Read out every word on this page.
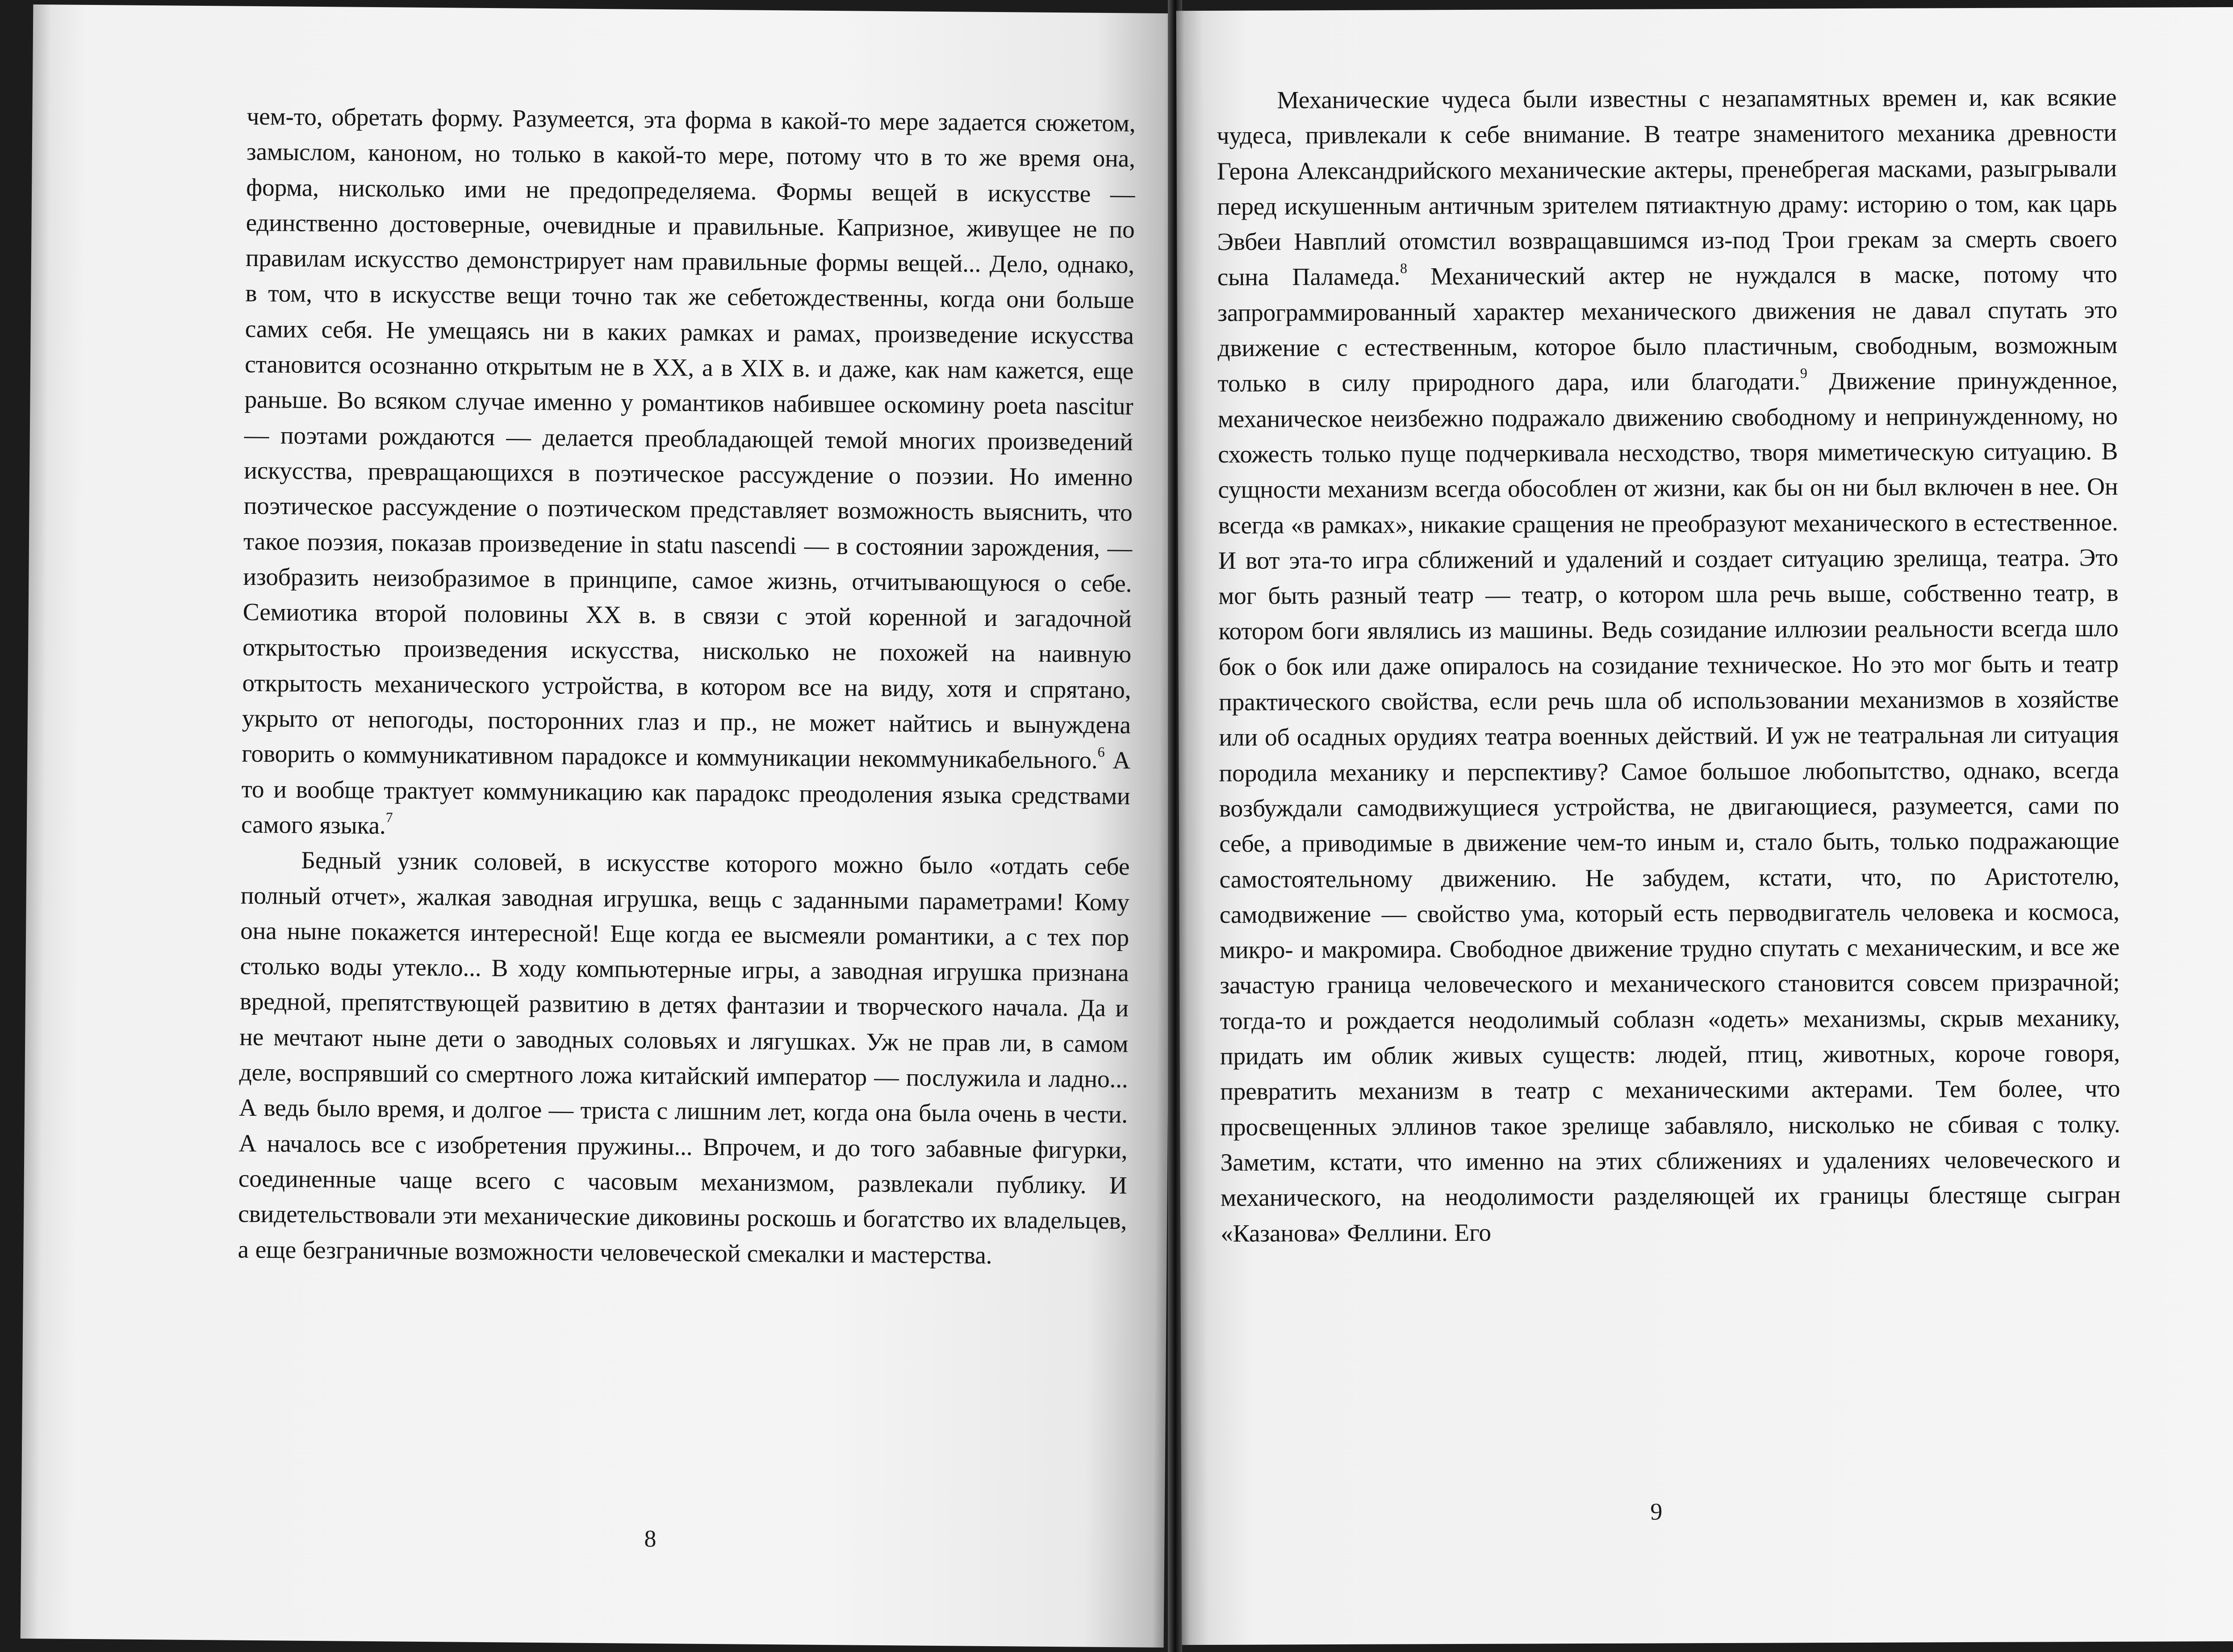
чем-то, обретать форму. Разумеется, эта форма в какой-то мере задается сюжетом, замыслом, каноном, но только в какой-то мере, потому что в то же время она, форма, нисколько ими не предопределяема. Формы вещей в искусстве — единственно достоверные, очевидные и правильные. Капризное, живущее не по правилам искусство демонстрирует нам правильные формы вещей... Дело, однако, в том, что в искусстве вещи точно так же себетождественны, когда они больше самих себя. Не умещаясь ни в каких рамках и рамах, произведение искусства становится осознанно открытым не в XX, а в XIX в. и даже, как нам кажется, еще раньше. Во всяком случае именно у романтиков набившее оскомину poeta nascitur — поэтами рождаются — делается преобладающей темой многих произведений искусства, превращающихся в поэтическое рассуждение о поэзии. Но именно поэтическое рассуждение о поэтическом представляет возможность выяснить, что такое поэзия, показав произведение in statu nascendi — в состоянии зарождения, — изобразить неизобразимое в принципе, самое жизнь, отчитывающуюся о себе. Семиотика второй половины XX в. в связи с этой коренной и загадочной открытостью произведения искусства, нисколько не похожей на наивную открытость механического устройства, в котором все на виду, хотя и спрятано, укрыто от непогоды, посторонних глаз и пр., не может найтись и вынуждена говорить о коммуникативном парадоксе и коммуникации некоммуникабельного.$^6$ А то и вообще трактует коммуникацию как парадокс преодоления языка средствами самого языка.$^7$

Бедный узник соловей, в искусстве которого можно было «отдать себе полный отчет», жалкая заводная игрушка, вещь с заданными параметрами! Кому она ныне покажется интересной! Еще когда ее высмеяли романтики, а с тех пор столько воды утекло... В ходу компьютерные игры, а заводная игрушка признана вредной, препятствующей развитию в детях фантазии и творческого начала. Да и не мечтают ныне дети о заводных соловьях и лягушках. Уж не прав ли, в самом деле, воспрявший со смертного ложа китайский император — послужила и ладно... А ведь было время, и долгое — триста с лишним лет, когда она была очень в чести. А началось все с изобретения пружины... Впрочем, и до того забавные фигурки, соединенные чаще всего с часовым механизмом, развлекали публику. И свидетельствовали эти механические диковины роскошь и богатство их владельцев, а еще безграничные возможности человеческой смекалки и мастерства.

8

Механические чудеса были известны с незапамятных времен и, как всякие чудеса, привлекали к себе внимание. В театре знаменитого механика древности Герона Александрийского механические актеры, пренебрегая масками, разыгрывали перед искушенным античным зрителем пятиактную драму: историю о том, как царь Эвбеи Навплий отомстил возвращавшимся из-под Трои грекам за смерть своего сына Паламеда.$^8$ Механический актер не нуждался в маске, потому что запрограммированный характер механического движения не давал спутать это движение с естественным, которое было пластичным, свободным, возможным только в силу природного дара, или благодати.$^9$ Движение принужденное, механическое неизбежно подражало движению свободному и непринужденному, но схожесть только пуще подчеркивала несходство, творя миметическую ситуацию. В сущности механизм всегда обособлен от жизни, как бы он ни был включен в нее. Он всегда «в рамках», никакие сращения не преобразуют механического в естественное. И вот эта-то игра сближений и удалений и создает ситуацию зрелища, театра. Это мог быть разный театр — театр, о котором шла речь выше, собственно театр, в котором боги являлись из машины. Ведь созидание иллюзии реальности всегда шло бок о бок или даже опиралось на созидание техническое. Но это мог быть и театр практического свойства, если речь шла об использовании механизмов в хозяйстве или об осадных орудиях театра военных действий. И уж не театральная ли ситуация породила механику и перспективу? Самое большое любопытство, однако, всегда возбуждали самодвижущиеся устройства, не двигающиеся, разумеется, сами по себе, а приводимые в движение чем-то иным и, стало быть, только подражающие самостоятельному движению. Не забудем, кстати, что, по Аристотелю, самодвижение — свойство ума, который есть перводвигатель человека и космоса, микро- и макромира. Свободное движение трудно спутать с механическим, и все же зачастую граница человеческого и механического становится совсем призрачной; тогда-то и рождается неодолимый соблазн «одеть» механизмы, скрыв механику, придать им облик живых существ: людей, птиц, животных, короче говоря, превратить механизм в театр с механическими актерами. Тем более, что просвещенных эллинов такое зрелище забавляло, нисколько не сбивая с толку. Заметим, кстати, что именно на этих сближениях и удалениях человеческого и механического, на неодолимости разделяющей их границы блестяще сыгран «Казанова» Феллини. Его

9
